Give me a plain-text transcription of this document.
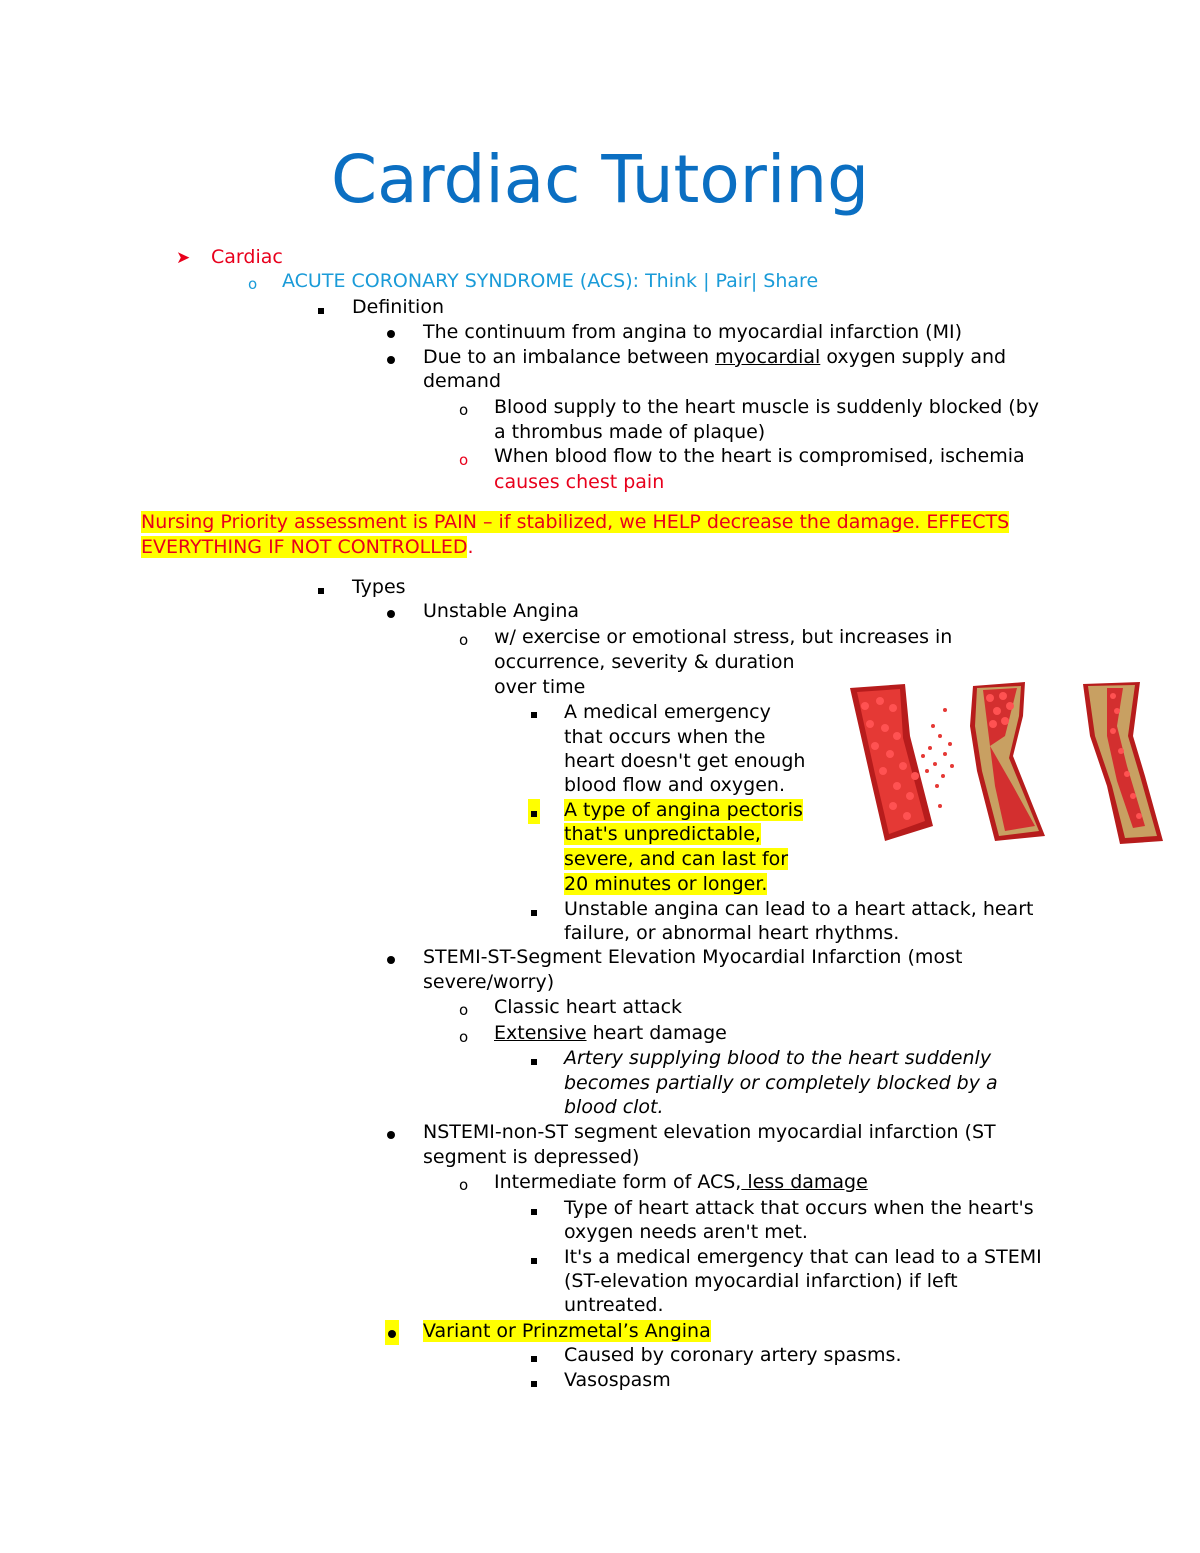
Cardiac Tutoring
➤ Cardiac
o ACUTE CORONARY SYNDROME (ACS): Think | Pair| Share
Definition
The continuum from angina to myocardial infarction (MI)
Due to an imbalance between myocardial oxygen supply and
demand
o Blood supply to the heart muscle is suddenly blocked (by
a thrombus made of plaque)
o When blood flow to the heart is compromised, ischemia
causes chest pain
Nursing Priority assessment is PAIN – if stabilized, we HELP decrease the damage. EFFECTS
EVERYTHING IF NOT CONTROLLED.
Types
Unstable Angina
o w/ exercise or emotional stress, but increases in
occurrence, severity & duration
over time
A medical emergency
that occurs when the
heart doesn't get enough
blood flow and oxygen.
A type of angina pectoris
that's unpredictable,
severe, and can last for
20 minutes or longer.
Unstable angina can lead to a heart attack, heart
failure, or abnormal heart rhythms.
STEMI-ST-Segment Elevation Myocardial Infarction (most
severe/worry)
o Classic heart attack
o Extensive heart damage
Artery supplying blood to the heart suddenly
becomes partially or completely blocked by a
blood clot.
NSTEMI-non-ST segment elevation myocardial infarction (ST
segment is depressed)
o Intermediate form of ACS, less damage
Type of heart attack that occurs when the heart's
oxygen needs aren't met.
It's a medical emergency that can lead to a STEMI
(ST-elevation myocardial infarction) if left
untreated.
Variant or Prinzmetal’s Angina
Caused by coronary artery spasms.
Vasospasm
